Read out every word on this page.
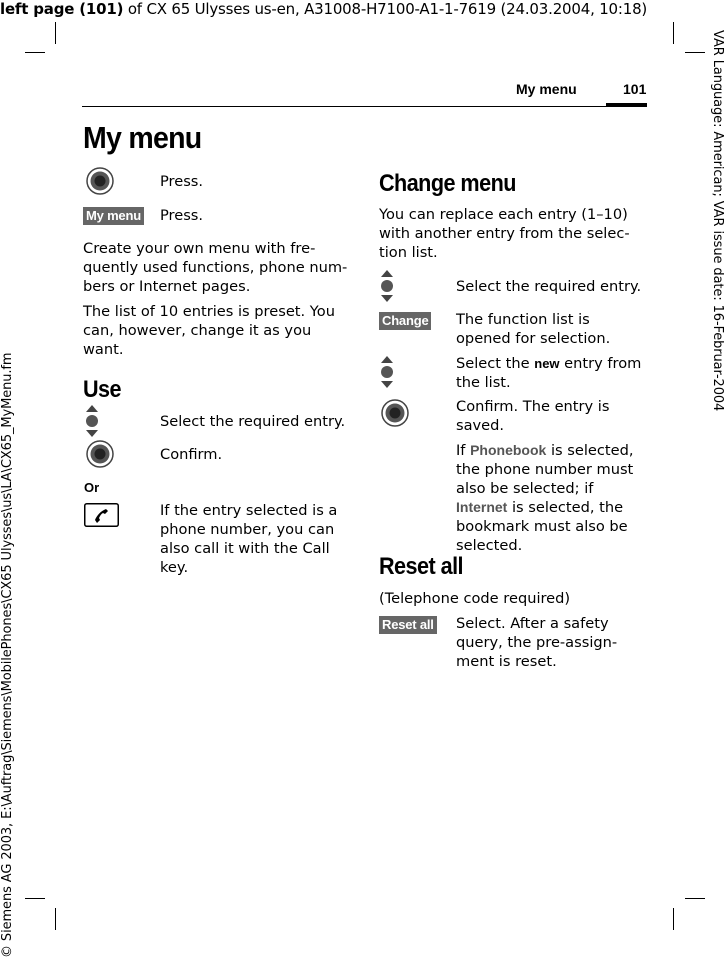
left page (101) of CX 65 Ulysses us-en, A31008-H7100-A1-1-7619 (24.03.2004, 10:18)
VAR Language: American; VAR issue date: 16-Februar-2004
© Siemens AG 2003, E:\Auftrag\Siemens\MobilePhones\CX65 Ulysses\us\LA\CX65_MyMenu.fm
My menu	101
My menu
Press.
My menu Press.
Create your own menu with fre-quently used functions, phone num-bers or Internet pages.
The list of 10 entries is preset. You can, however, change it as you want.
Use
Select the required entry.
Confirm.
Or
If the entry selected is a phone number, you can also call it with the Call key.
Change menu
You can replace each entry (1–10) with another entry from the selec-tion list.
Select the required entry.
Change The function list is opened for selection.
Select the new entry from the list.
Confirm. The entry is saved.
If Phonebook is selected, the phone number must also be selected; if Internet is selected, the bookmark must also be selected.
Reset all
(Telephone code required)
Reset all Select. After a safety query, the pre-assign-ment is reset.
